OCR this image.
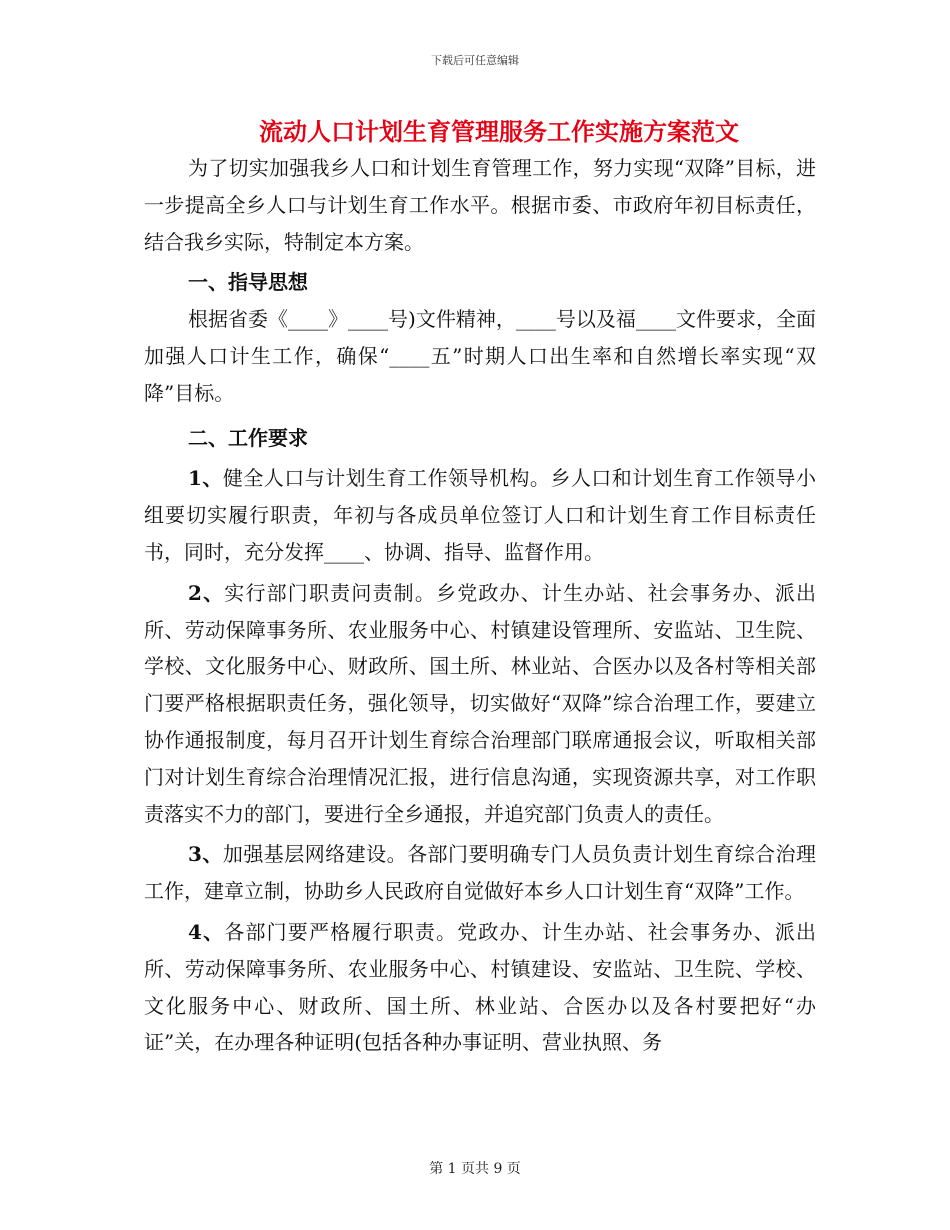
下载后可任意编辑
流动人口计划生育管理服务工作实施方案范文

为了切实加强我乡人口和计划生育管理工作，努力实现“双降”目标，进一步提高全乡人口与计划生育工作水平。根据市委、市政府年初目标责任，结合我乡实际，特制定本方案。

一、指导思想

根据省委《____》____号)文件精神，____号以及福____文件要求，全面加强人口计生工作，确保“____五”时期人口出生率和自然增长率实现“双降”目标。

二、工作要求

1、健全人口与计划生育工作领导机构。乡人口和计划生育工作领导小组要切实履行职责，年初与各成员单位签订人口和计划生育工作目标责任书，同时，充分发挥____、协调、指导、监督作用。

2、实行部门职责问责制。乡党政办、计生办站、社会事务办、派出所、劳动保障事务所、农业服务中心、村镇建设管理所、安监站、卫生院、学校、文化服务中心、财政所、国土所、林业站、合医办以及各村等相关部门要严格根据职责任务，强化领导，切实做好“双降”综合治理工作，要建立协作通报制度，每月召开计划生育综合治理部门联席通报会议，听取相关部门对计划生育综合治理情况汇报，进行信息沟通，实现资源共享，对工作职责落实不力的部门，要进行全乡通报，并追究部门负责人的责任。

3、加强基层网络建设。各部门要明确专门人员负责计划生育综合治理工作，建章立制，协助乡人民政府自觉做好本乡人口计划生育“双降”工作。

4、各部门要严格履行职责。党政办、计生办站、社会事务办、派出所、劳动保障事务所、农业服务中心、村镇建设、安监站、卫生院、学校、文化服务中心、财政所、国土所、林业站、合医办以及各村要把好“办证”关，在办理各种证明(包括各种办事证明、营业执照、务

第 1 页共 9 页
